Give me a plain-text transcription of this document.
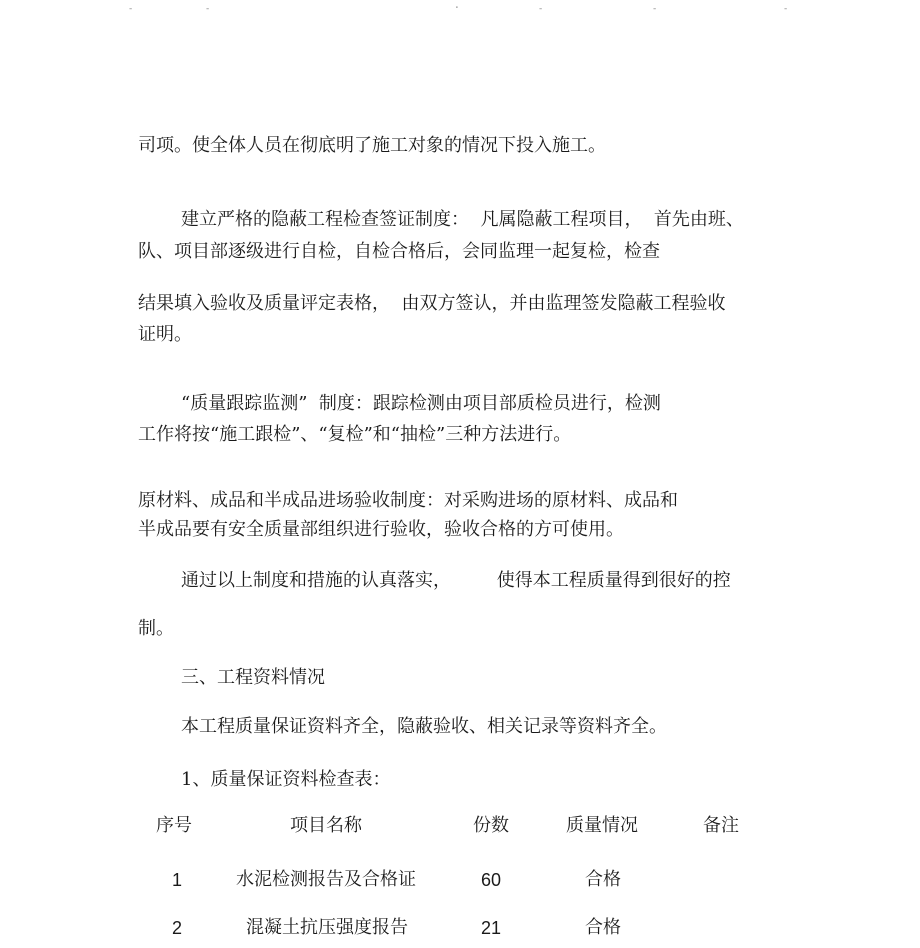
-	-	⠂	-	-	-

司项。使全体人员在彻底明了施工对象的情况下投入施工。

建立严格的隐蔽工程检查签证制度：  凡属隐蔽工程项目，  首先由班、

队、项目部逐级进行自检，自检合格后，会同监理一起复检，检查

结果填入验收及质量评定表格，  由双方签认，并由监理签发隐蔽工程验收

证明。

“质量跟踪监测”  制度：跟踪检测由项目部质检员进行，检测

工作将按“施工跟检”、“复检”和“抽检”三种方法进行。

原材料、成品和半成品进场验收制度：对采购进场的原材料、成品和

半成品要有安全质量部组织进行验收，验收合格的方可使用。

通过以上制度和措施的认真落实，        使得本工程质量得到很好的控

制。

三、工程资料情况

本工程质量保证资料齐全，隐蔽验收、相关记录等资料齐全。

1、质量保证资料检查表：

序号	项目名称	份数	质量情况	备注
1	水泥检测报告及合格证	60	合格
2	混凝土抗压强度报告	21	合格
